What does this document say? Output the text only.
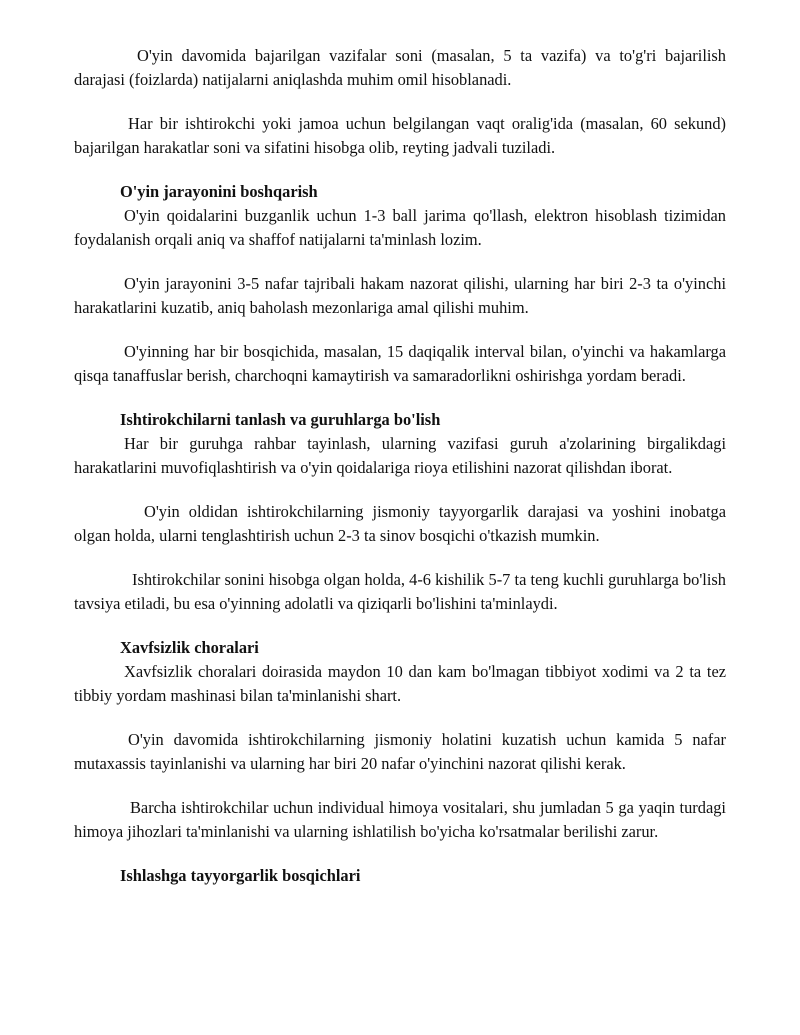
O'yin davomida bajarilgan vazifalar soni (masalan, 5 ta vazifa) va to'g'ri bajarilish darajasi (foizlarda) natijalarni aniqlashda muhim omil hisoblanadi.

Har bir ishtirokchi yoki jamoa uchun belgilangan vaqt oralig'ida (masalan, 60 sekund) bajarilgan harakatlar soni va sifatini hisobga olib, reyting jadvali tuziladi.

O'yin jarayonini boshqarish

O'yin qoidalarini buzganlik uchun 1-3 ball jarima qo'llash, elektron hisoblash tizimidan foydalanish orqali aniq va shaffof natijalarni ta'minlash lozim.

O'yin jarayonini 3-5 nafar tajribali hakam nazorat qilishi, ularning har biri 2-3 ta o'yinchi harakatlarini kuzatib, aniq baholash mezonlariga amal qilishi muhim.

O'yinning har bir bosqichida, masalan, 15 daqiqalik interval bilan, o'yinchi va hakamlarga qisqa tanaffuslar berish, charchoqni kamaytirish va samaradorlikni oshirishga yordam beradi.

Ishtirokchilarni tanlash va guruhlarga bo'lish

Har bir guruhga rahbar tayinlash, ularning vazifasi guruh a'zolarining birgalikdagi harakatlarini muvofiqlashtirish va o'yin qoidalariga rioya etilishini nazorat qilishdan iborat.

O'yin oldidan ishtirokchilarning jismoniy tayyorgarlik darajasi va yoshini inobatga olgan holda, ularni tenglashtirish uchun 2-3 ta sinov bosqichi o'tkazish mumkin.

Ishtirokchilar sonini hisobga olgan holda, 4-6 kishilik 5-7 ta teng kuchli guruhlarga bo'lish tavsiya etiladi, bu esa o'yinning adolatli va qiziqarli bo'lishini ta'minlaydi.

Xavfsizlik choralari

Xavfsizlik choralari doirasida maydon 10 dan kam bo'lmagan tibbiyot xodimi va 2 ta tez tibbiy yordam mashinasi bilan ta'minlanishi shart.

O'yin davomida ishtirokchilarning jismoniy holatini kuzatish uchun kamida 5 nafar mutaxassis tayinlanishi va ularning har biri 20 nafar o'yinchini nazorat qilishi kerak.

Barcha ishtirokchilar uchun individual himoya vositalari, shu jumladan 5 ga yaqin turdagi himoya jihozlari ta'minlanishi va ularning ishlatilish bo'yicha ko'rsatmalar berilishi zarur.

Ishlashga tayyorgarlik bosqichlari
